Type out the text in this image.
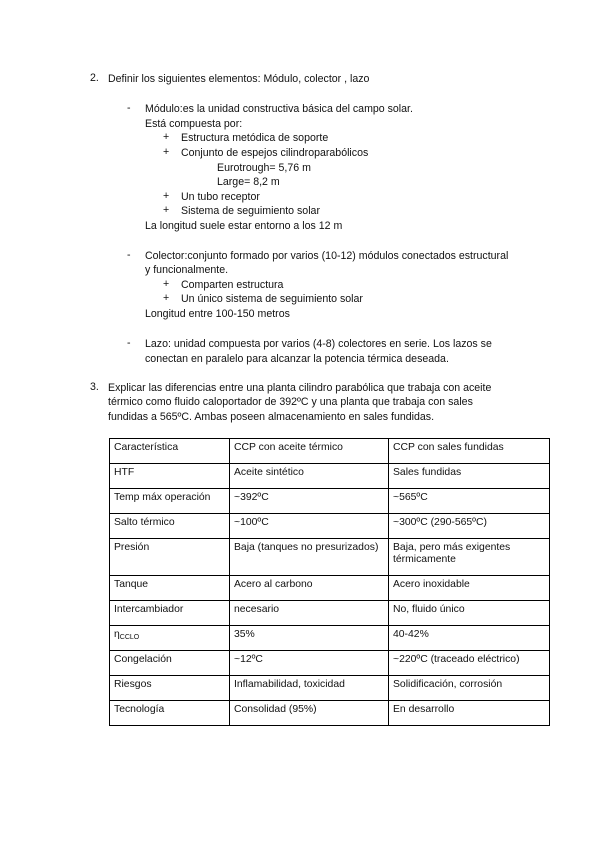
2. Definir los siguientes elementos: Módulo, colector , lazo
- Módulo:es la unidad constructiva básica del campo solar.
Está compuesta por:
+ Estructura metódica de soporte
+ Conjunto de espejos cilindroparabólicos
Eurotrough= 5,76 m
Large= 8,2 m
+ Un tubo receptor
+ Sistema de seguimiento solar
La longitud suele estar entorno a los 12 m
- Colector:conjunto formado por varios (10-12) módulos conectados estructural
y funcionalmente.
+ Comparten estructura
+ Un único sistema de seguimiento solar
Longitud entre 100-150 metros
- Lazo: unidad compuesta por varios (4-8) colectores en serie. Los lazos se
conectan en paralelo para alcanzar la potencia térmica deseada.
3. Explicar las diferencias entre una planta cilindro parabólica que trabaja con aceite
térmico como fluido caloportador de 392ºC y una planta que trabaja con sales
fundidas a 565ºC. Ambas poseen almacenamiento en sales fundidas.
Característica	CCP con aceite térmico	CCP con sales fundidas
HTF	Aceite sintético	Sales fundidas
Temp máx operación	~392ºC	~565ºC
Salto térmico	~100ºC	~300ºC (290-565ºC)
Presión	Baja (tanques no presurizados)	Baja, pero más exigentes térmicamente
Tanque	Acero al carbono	Acero inoxidable
Intercambiador	necesario	No, fluido único
$\eta_{CCLO}$	35%	40-42%
Congelación	~12ºC	~220ºC (traceado eléctrico)
Riesgos	Inflamabilidad, toxicidad	Solidificación, corrosión
Tecnología	Consolidad (95%)	En desarrollo
